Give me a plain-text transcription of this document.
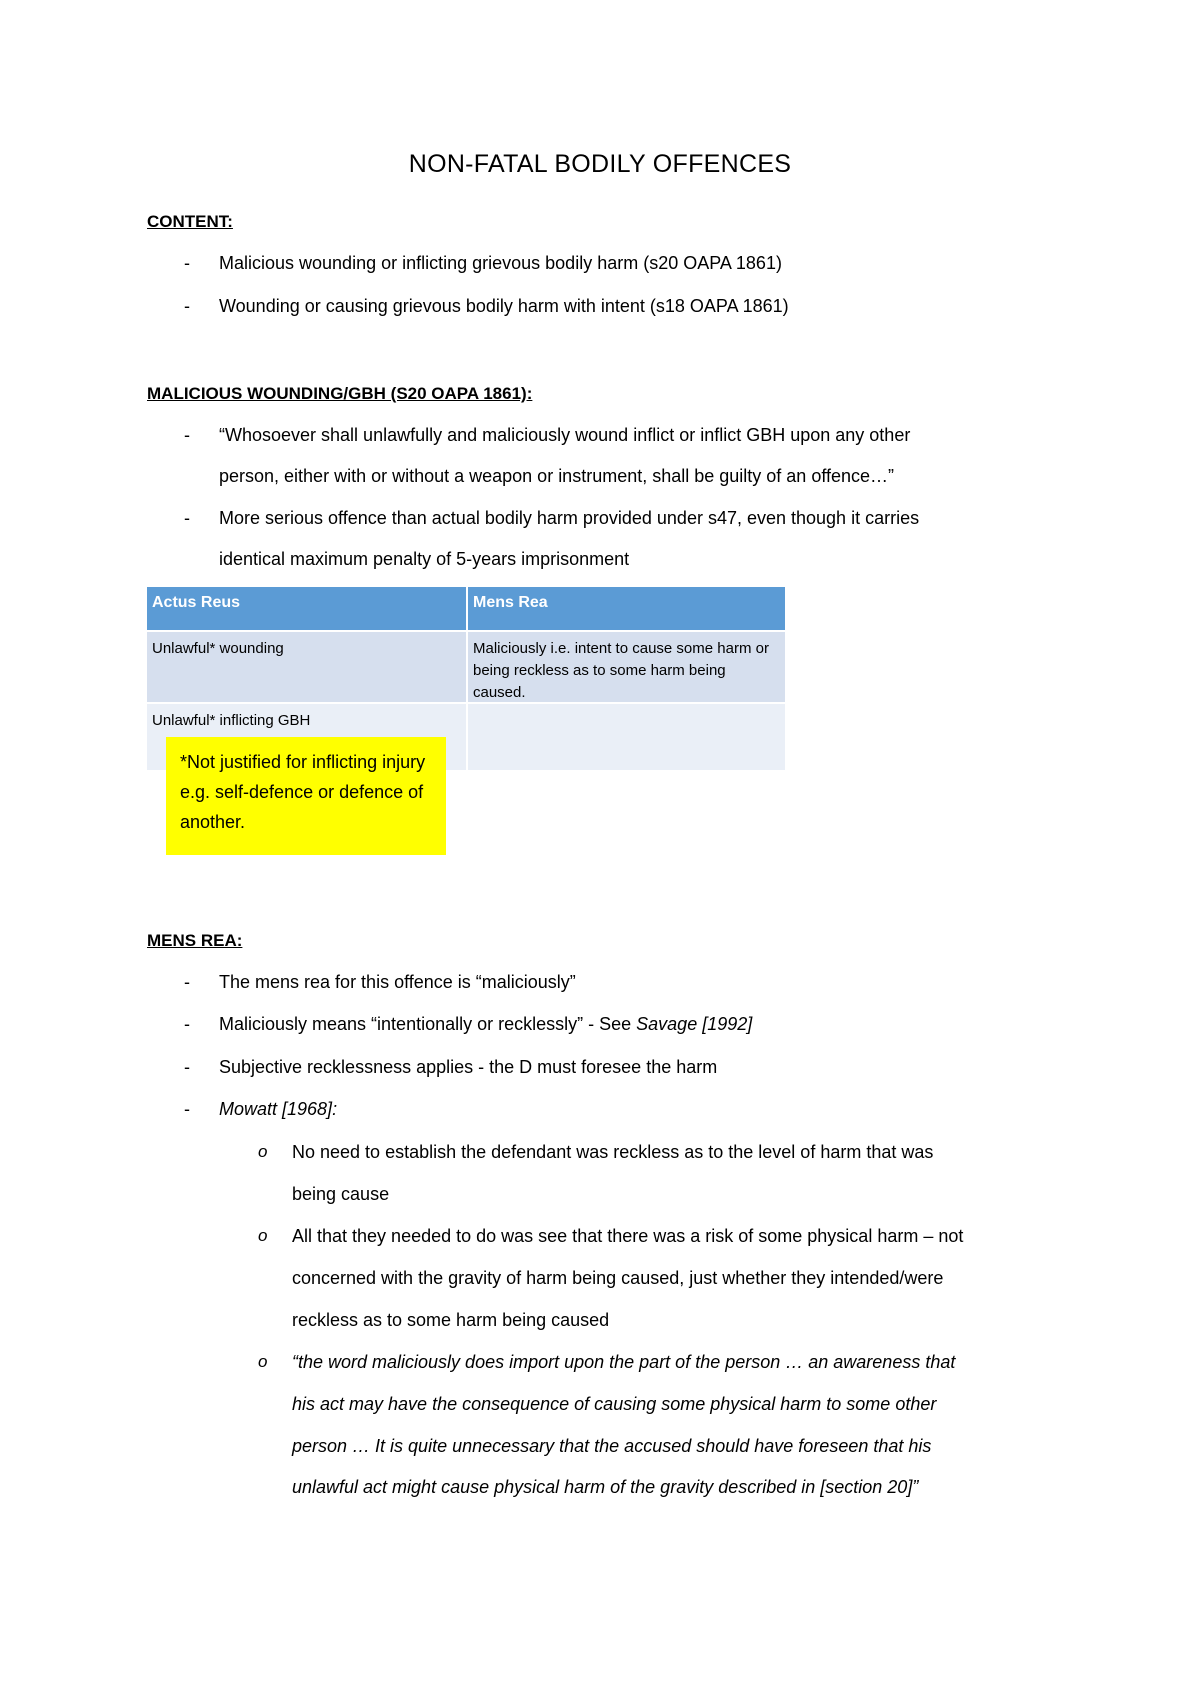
NON-FATAL BODILY OFFENCES
CONTENT:
- Malicious wounding or inflicting grievous bodily harm (s20 OAPA 1861)
- Wounding or causing grievous bodily harm with intent (s18 OAPA 1861)
MALICIOUS WOUNDING/GBH (S20 OAPA 1861):
- “Whosoever shall unlawfully and maliciously wound inflict or inflict GBH upon any other
person, either with or without a weapon or instrument, shall be guilty of an offence…”
- More serious offence than actual bodily harm provided under s47, even though it carries
identical maximum penalty of 5-years imprisonment
Actus Reus	Mens Rea
Unlawful* wounding	Maliciously i.e. intent to cause some harm or being reckless as to some harm being caused.
Unlawful* inflicting GBH
*Not justified for inflicting injury e.g. self-defence or defence of another.
MENS REA:
- The mens rea for this offence is “maliciously”
- Maliciously means “intentionally or recklessly” - See Savage [1992]
- Subjective recklessness applies - the D must foresee the harm
- Mowatt [1968]:
o No need to establish the defendant was reckless as to the level of harm that was
being cause
o All that they needed to do was see that there was a risk of some physical harm – not
concerned with the gravity of harm being caused, just whether they intended/were
reckless as to some harm being caused
o “the word maliciously does import upon the part of the person … an awareness that
his act may have the consequence of causing some physical harm to some other
person … It is quite unnecessary that the accused should have foreseen that his
unlawful act might cause physical harm of the gravity described in [section 20]”
